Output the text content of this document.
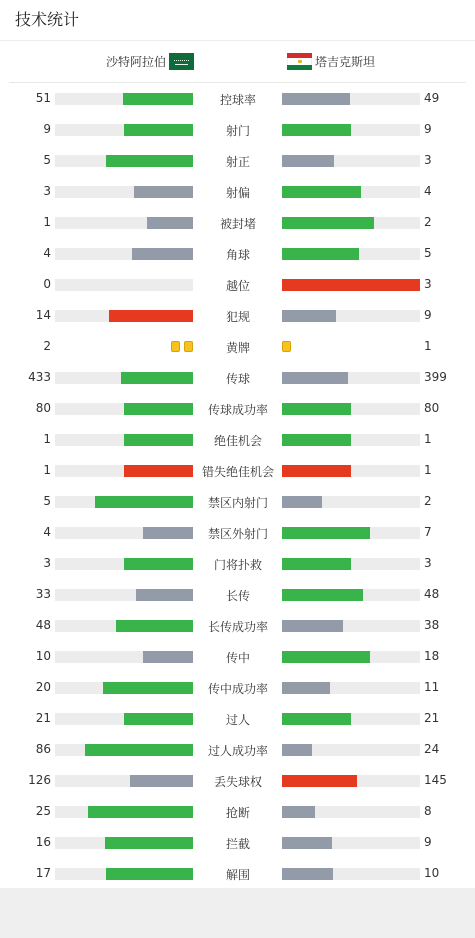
技术统计
沙特阿拉伯	塔吉克斯坦
51	控球率	49
9	射门	9
5	射正	3
3	射偏	4
1	被封堵	2
4	角球	5
0	越位	3
14	犯规	9
2	黄牌	1
433	传球	399
80	传球成功率	80
1	绝佳机会	1
1	错失绝佳机会	1
5	禁区内射门	2
4	禁区外射门	7
3	门将扑救	3
33	长传	48
48	长传成功率	38
10	传中	18
20	传中成功率	11
21	过人	21
86	过人成功率	24
126	丢失球权	145
25	抢断	8
16	拦截	9
17	解围	10
